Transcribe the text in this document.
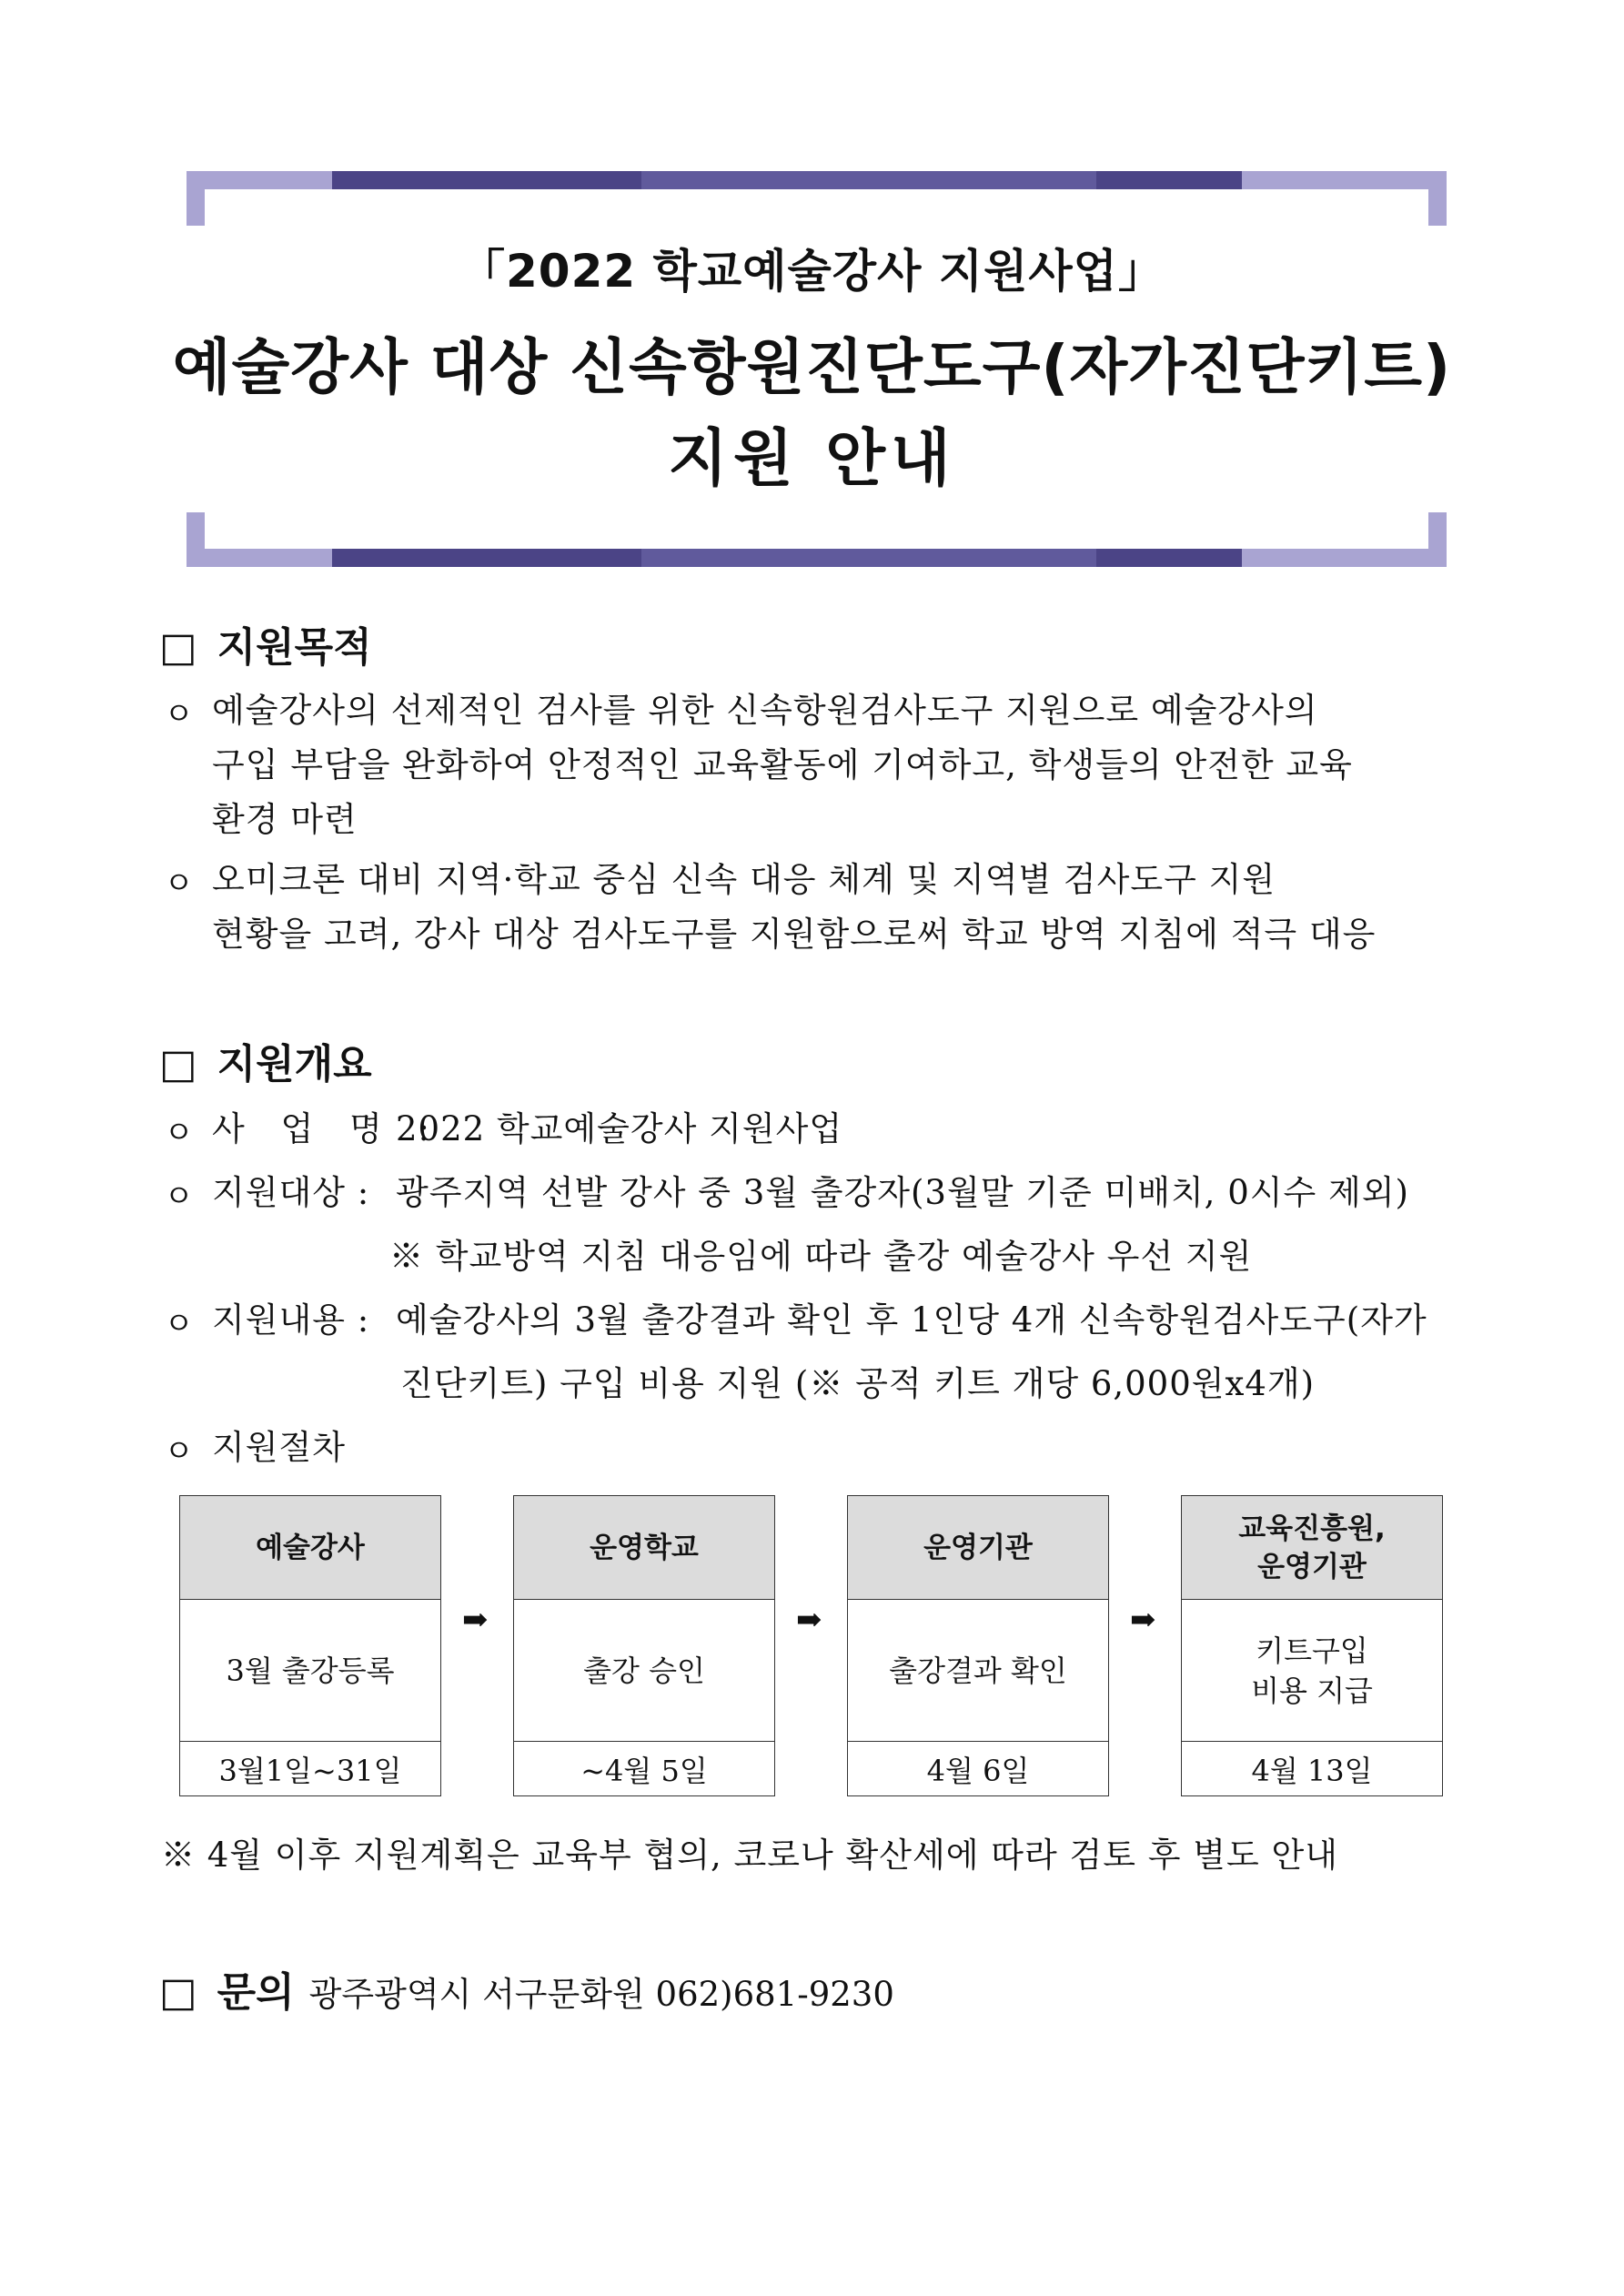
「2022 학교예술강사 지원사업」
예술강사 대상 신속항원진단도구(자가진단키트)
지원 안내
□ 지원목적
ㅇ 예술강사의 선제적인 검사를 위한 신속항원검사도구 지원으로 예술강사의
구입 부담을 완화하여 안정적인 교육활동에 기여하고, 학생들의 안전한 교육
환경 마련
ㅇ 오미크론 대비 지역·학교 중심 신속 대응 체계 및 지역별 검사도구 지원
현황을 고려, 강사 대상 검사도구를 지원함으로써 학교 방역 지침에 적극 대응
□ 지원개요
ㅇ 사 업 명 :
2022 학교예술강사 지원사업
ㅇ 지원대상 : 광주지역 선발 강사 중 3월 출강자(3월말 기준 미배치, 0시수 제외)
※ 학교방역 지침 대응임에 따라 출강 예술강사 우선 지원
ㅇ 지원내용 : 예술강사의 3월 출강결과 확인 후 1인당 4개 신속항원검사도구(자가
진단키트) 구입 비용 지원 (※ 공적 키트 개당 6,000원x4개)
ㅇ 지원절차
예술강사
3월 출강등록
3월1일~31일
➡
운영학교
출강 승인
~4월 5일
➡
운영기관
출강결과 확인
4월 6일
➡
교육진흥원,
운영기관
키트구입
비용 지급
4월 13일
※ 4월 이후 지원계획은 교육부 협의, 코로나 확산세에 따라 검토 후 별도 안내
□ 문의 광주광역시 서구문화원 062)681-9230
